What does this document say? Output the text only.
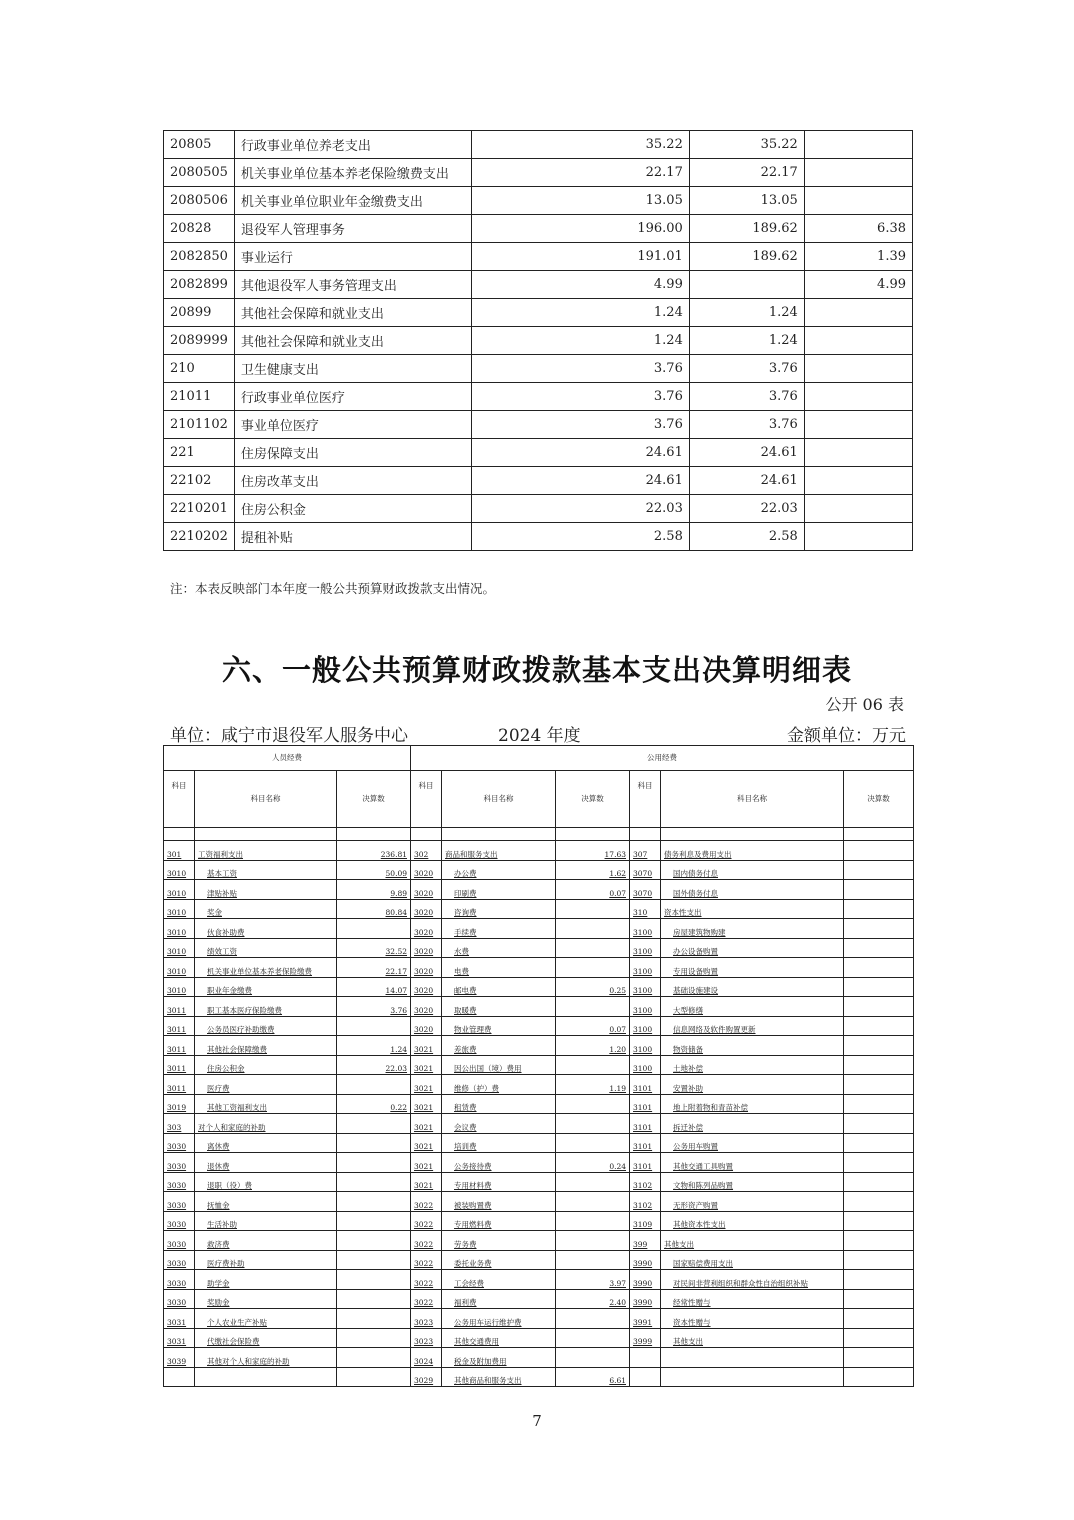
20805	行政事业单位养老支出	35.22	35.22	
2080505	机关事业单位基本养老保险缴费支出	22.17	22.17	
2080506	机关事业单位职业年金缴费支出	13.05	13.05	
20828	退役军人管理事务	196.00	189.62	6.38
2082850	事业运行	191.01	189.62	1.39
2082899	其他退役军人事务管理支出	4.99		4.99
20899	其他社会保障和就业支出	1.24	1.24	
2089999	其他社会保障和就业支出	1.24	1.24	
210	卫生健康支出	3.76	3.76	
21011	行政事业单位医疗	3.76	3.76	
2101102	事业单位医疗	3.76	3.76	
221	住房保障支出	24.61	24.61	
22102	住房改革支出	24.61	24.61	
2210201	住房公积金	22.03	22.03	
2210202	提租补贴	2.58	2.58	
注：本表反映部门本年度一般公共预算财政拨款支出情况。
六、一般公共预算财政拨款基本支出决算明细表
公开 06 表
单位：咸宁市退役军人服务中心	2024 年度	金额单位：万元
人员经费			公用经费					
科目	科目名称	决算数	科目	科目名称	决算数	科目	科目名称	决算数

301	工资福利支出	236.81	302	商品和服务支出	17.63	307	债务利息及费用支出	
3010	基本工资	50.09	3020	办公费	1.62	3070	国内债务付息	
3010	津贴补贴	9.89	3020	印刷费	0.07	3070	国外债务付息	
3010	奖金	80.84	3020	咨询费		310	资本性支出	
3010	伙食补助费		3020	手续费		3100	房屋建筑物购建	
3010	绩效工资	32.52	3020	水费		3100	办公设备购置	
3010	机关事业单位基本养老保险缴费	22.17	3020	电费		3100	专用设备购置	
3010	职业年金缴费	14.07	3020	邮电费	0.25	3100	基础设施建设	
3011	职工基本医疗保险缴费	3.76	3020	取暖费		3100	大型修缮	
3011	公务员医疗补助缴费		3020	物业管理费	0.07	3100	信息网络及软件购置更新	
3011	其他社会保障缴费	1.24	3021	差旅费	1.20	3100	物资储备	
3011	住房公积金	22.03	3021	因公出国（境）费用		3100	土地补偿	
3011	医疗费		3021	维修（护）费	1.19	3101	安置补助	
3019	其他工资福利支出	0.22	3021	租赁费		3101	地上附着物和青苗补偿	
303	对个人和家庭的补助		3021	会议费		3101	拆迁补偿	
3030	离休费		3021	培训费		3101	公务用车购置	
3030	退休费		3021	公务接待费	0.24	3101	其他交通工具购置	
3030	退职（役）费		3021	专用材料费		3102	文物和陈列品购置	
3030	抚恤金		3022	被装购置费		3102	无形资产购置	
3030	生活补助		3022	专用燃料费		3109	其他资本性支出	
3030	救济费		3022	劳务费		399	其他支出	
3030	医疗费补助		3022	委托业务费		3990	国家赔偿费用支出	
3030	助学金		3022	工会经费	3.97	3990	对民间非营利组织和群众性自治组织补贴	
3030	奖励金		3022	福利费	2.40	3990	经常性赠与	
3031	个人农业生产补贴		3023	公务用车运行维护费		3991	资本性赠与	
3031	代缴社会保险费		3023	其他交通费用		3999	其他支出	
3039	其他对个人和家庭的补助		3024	税金及附加费用				
			3029	其他商品和服务支出	6.61			
7
